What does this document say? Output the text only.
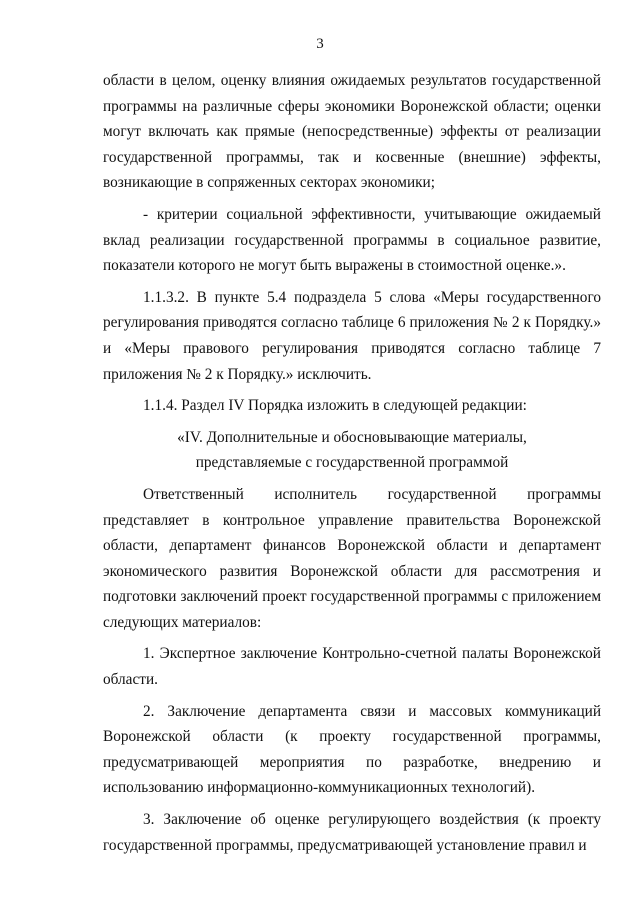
3

области в целом, оценку влияния ожидаемых результатов государственной программы на различные сферы экономики Воронежской области; оценки могут включать как прямые (непосредственные) эффекты от реализации государственной программы, так и косвенные (внешние) эффекты, возникающие в сопряженных секторах экономики;

- критерии социальной эффективности, учитывающие ожидаемый вклад реализации государственной программы в социальное развитие, показатели которого не могут быть выражены в стоимостной оценке.».

1.1.3.2. В пункте 5.4 подраздела 5 слова «Меры государственного регулирования приводятся согласно таблице 6 приложения № 2 к Порядку.» и «Меры правового регулирования приводятся согласно таблице 7 приложения № 2 к Порядку.» исключить.

1.1.4. Раздел IV Порядка изложить в следующей редакции:

«IV. Дополнительные и обосновывающие материалы,

представляемые с государственной программой

Ответственный исполнитель государственной программы представляет в контрольное управление правительства Воронежской области, департамент финансов Воронежской области и департамент экономического развития Воронежской области для рассмотрения и подготовки заключений проект государственной программы с приложением следующих материалов:

1. Экспертное заключение Контрольно-счетной палаты Воронежской области.

2. Заключение департамента связи и массовых коммуникаций Воронежской области (к проекту государственной программы, предусматривающей мероприятия по разработке, внедрению и использованию информационно-коммуникационных технологий).

3. Заключение об оценке регулирующего воздействия (к проекту государственной программы, предусматривающей установление правил и
